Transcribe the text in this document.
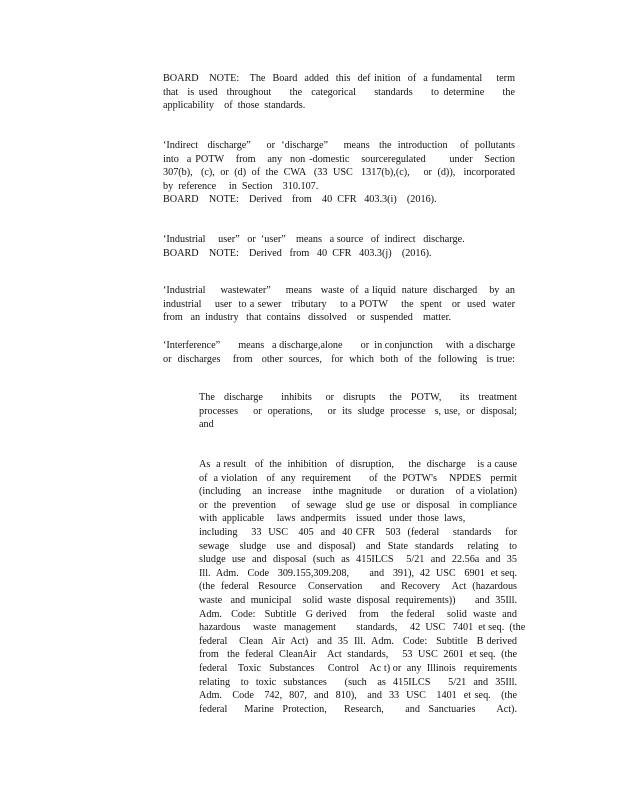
BOARD   NOTE:   The  Board  added  this  def inition  of  a fundamental    term
that  is used  throughout    the  categorical    standards    to determine    the
applicability    of  those  standards.
‘Indirect   discharge”     or  ‘discharge”     means   the  introduction    of  pollutants
into  a POTW   from   any  non -domestic   sourceregulated      under   Section
307(b),   (c),  or  (d)  of  the  CWA   (33  USC   1317(b),(c),     or  (d)),   incorporated
by  reference     in  Section    310.107.
BOARD    NOTE:    Derived    from    40  CFR   403.3(i)    (2016).
‘Industrial     user”   or  ‘user”    means   a source   of  indirect   discharge.
BOARD    NOTE:    Derived   from   40  CFR   403.3(j)    (2016).
‘Industrial     wastewater”     means   waste  of  a liquid  nature  discharged    by  an
industrial    user  to a sewer   tributary    to a POTW    the  spent   or  used  water
from   an  industry   that  contains   dissolved    or  suspended    matter.
‘Interference”       means   a discharge,alone       or  in conjunction     with  a discharge
or  discharges    from   other  sources,   for  which  both  of  the  following   is true:
The  discharge    inhibits   or  disrupts   the  POTW,    its  treatment
processes     or  operations,     or  its  sludge  processe   s, use,  or  disposal;
and
As  a result   of  the  inhibition   of  disruption,     the  discharge    is a cause
of  a violation   of  any  requirement      of  the  POTW's    NPDES   permit
(including    an  increase    inthe  magnitude     or  duration    of  a violation)
or  the  prevention     of  sewage   slud ge  use  or  disposal   in compliance
with  applicable     laws  andpermits    issued   under  those  laws,
including    33  USC   405  and  40 CFR   503  (federal    standards    for
sewage   sludge   use  and  disposal)   and  State  standards    relating   to
sludge  use  and  disposal  (such  as  415ILCS    5/21  and  22.56a  and  35
Ill.  Adm.   Code   309.155,309.208,       and   391),  42  USC   6901  et seq.
(the  federal   Resource    Conservation      and  Recovery    Act  (hazardous
waste   and  municipal    solid  waste  disposal  requirements))       and  35Ill.
Adm.   Code:   Subtitle   G derived    from    the federal    solid  waste  and
hazardous     waste   management        standards,     42  USC   7401  et seq.  (the
federal    Clean   Air  Act)   and  35  Ill.  Adm.   Code:   Subtitle   B derived
from   the  federal  CleanAir    Act  standards,     53  USC  2601  et seq.  (the
federal    Toxic   Substances     Control    Ac t) or  any  Illinois   requirements
relating   to  toxic  substances     (such   as  415ILCS     5/21  and  35Ill.
Adm.   Code   742,  807,  and  810),   and  33  USC   1401  et seq.   (the
federal    Marine  Protection,    Research,     and  Sanctuaries     Act).
